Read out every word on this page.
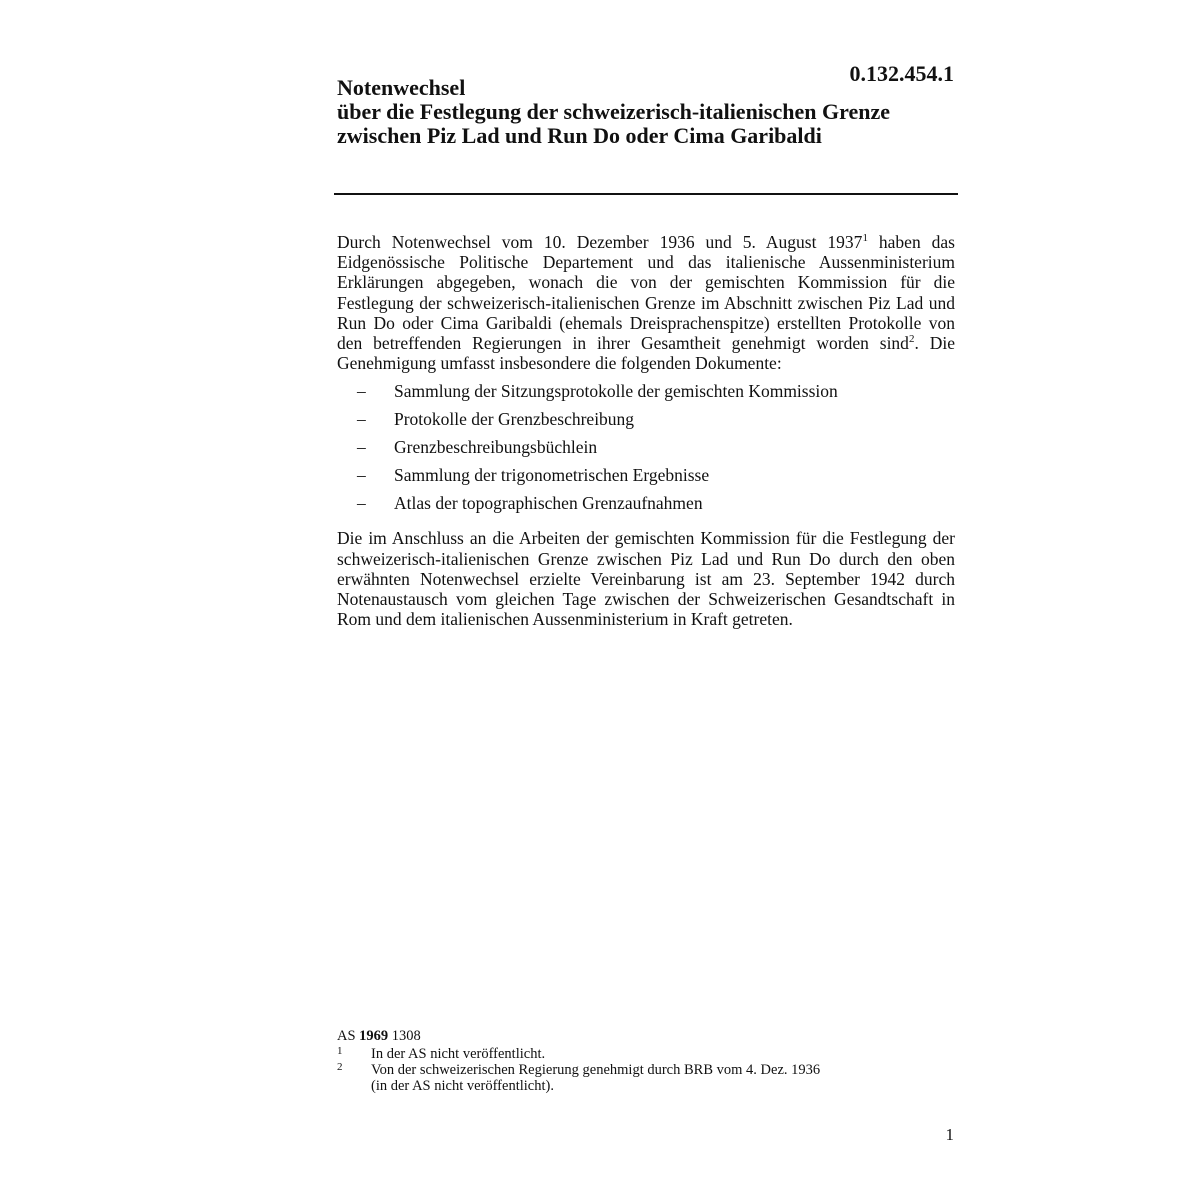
0.132.454.1
Notenwechsel
über die Festlegung der schweizerisch-italienischen Grenze
zwischen Piz Lad und Run Do oder Cima Garibaldi

Durch Notenwechsel vom 10. Dezember 1936 und 5. August 1937$^1$ haben das Eidgenössische Politische Departement und das italienische Aussenministerium Erklärungen abgegeben, wonach die von der gemischten Kommission für die Festlegung der schweizerisch-italienischen Grenze im Abschnitt zwischen Piz Lad und Run Do oder Cima Garibaldi (ehemals Dreisprachenspitze) erstellten Protokolle von den betreffenden Regierungen in ihrer Gesamtheit genehmigt worden sind$^2$. Die Genehmigung umfasst insbesondere die folgenden Dokumente:

– Sammlung der Sitzungsprotokolle der gemischten Kommission
– Protokolle der Grenzbeschreibung
– Grenzbeschreibungsbüchlein
– Sammlung der trigonometrischen Ergebnisse
– Atlas der topographischen Grenzaufnahmen

Die im Anschluss an die Arbeiten der gemischten Kommission für die Festlegung der schweizerisch-italienischen Grenze zwischen Piz Lad und Run Do durch den oben erwähnten Notenwechsel erzielte Vereinbarung ist am 23. September 1942 durch Notenaustausch vom gleichen Tage zwischen der Schweizerischen Gesandtschaft in Rom und dem italienischen Aussenministerium in Kraft getreten.

AS 1969 1308

1 In der AS nicht veröffentlicht.

2 Von der schweizerischen Regierung genehmigt durch BRB vom 4. Dez. 1936
(in der AS nicht veröffentlicht).

1
